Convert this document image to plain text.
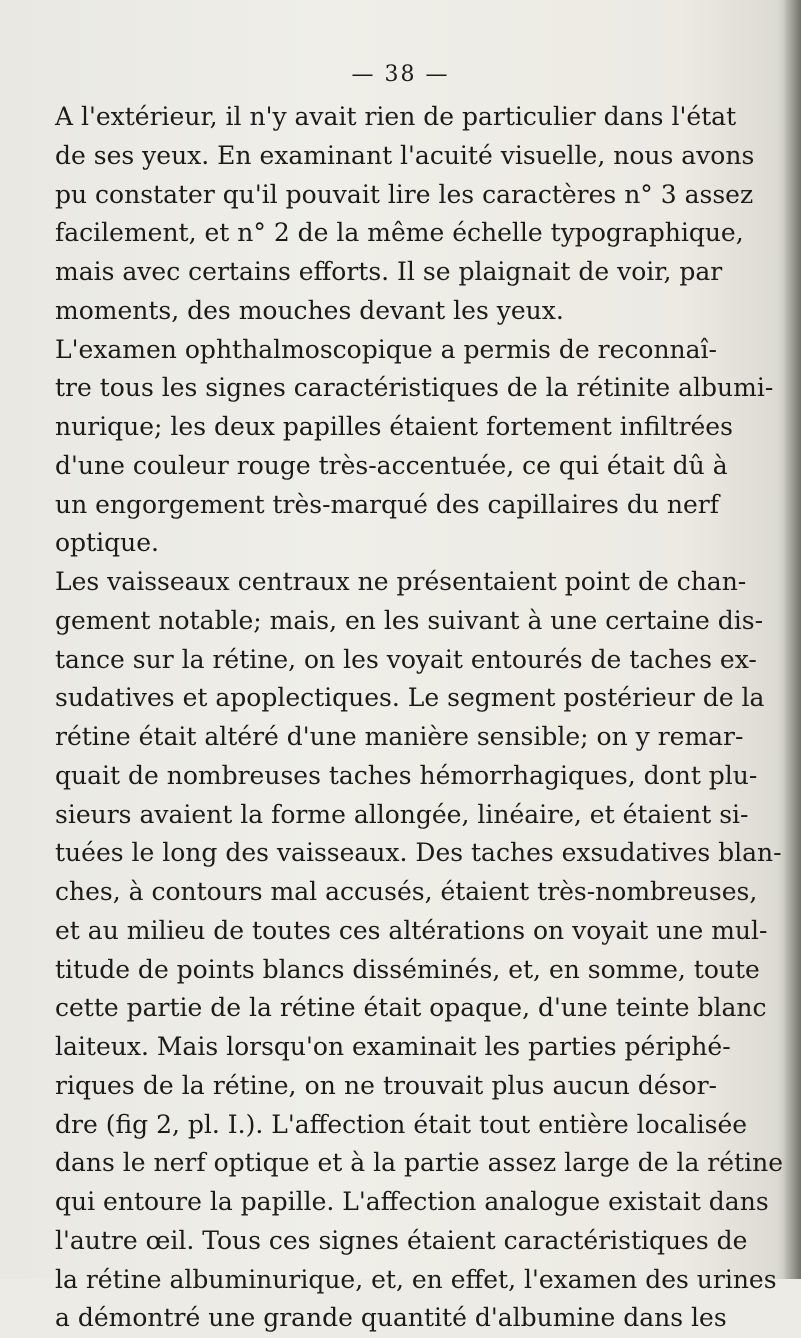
— 38 —
A l'extérieur, il n'y avait rien de particulier dans l'état
de ses yeux. En examinant l'acuité visuelle, nous avons
pu constater qu'il pouvait lire les caractères n° 3 assez
facilement, et n° 2 de la même échelle typographique,
mais avec certains efforts. Il se plaignait de voir, par
moments, des mouches devant les yeux.
L'examen ophthalmoscopique a permis de reconnaî-
tre tous les signes caractéristiques de la rétinite albumi-
nurique; les deux papilles étaient fortement infiltrées
d'une couleur rouge très-accentuée, ce qui était dû à
un engorgement très-marqué des capillaires du nerf
optique.
Les vaisseaux centraux ne présentaient point de chan-
gement notable; mais, en les suivant à une certaine dis-
tance sur la rétine, on les voyait entourés de taches ex-
sudatives et apoplectiques. Le segment postérieur de la
rétine était altéré d'une manière sensible; on y remar-
quait de nombreuses taches hémorrhagiques, dont plu-
sieurs avaient la forme allongée, linéaire, et étaient si-
tuées le long des vaisseaux. Des taches exsudatives blan-
ches, à contours mal accusés, étaient très-nombreuses,
et au milieu de toutes ces altérations on voyait une mul-
titude de points blancs disséminés, et, en somme, toute
cette partie de la rétine était opaque, d'une teinte blanc
laiteux. Mais lorsqu'on examinait les parties périphé-
riques de la rétine, on ne trouvait plus aucun désor-
dre (fig 2, pl. I.). L'affection était tout entière localisée
dans le nerf optique et à la partie assez large de la rétine
qui entoure la papille. L'affection analogue existait dans
l'autre œil. Tous ces signes étaient caractéristiques de
la rétine albuminurique, et, en effet, l'examen des urines
a démontré une grande quantité d'albumine dans les
